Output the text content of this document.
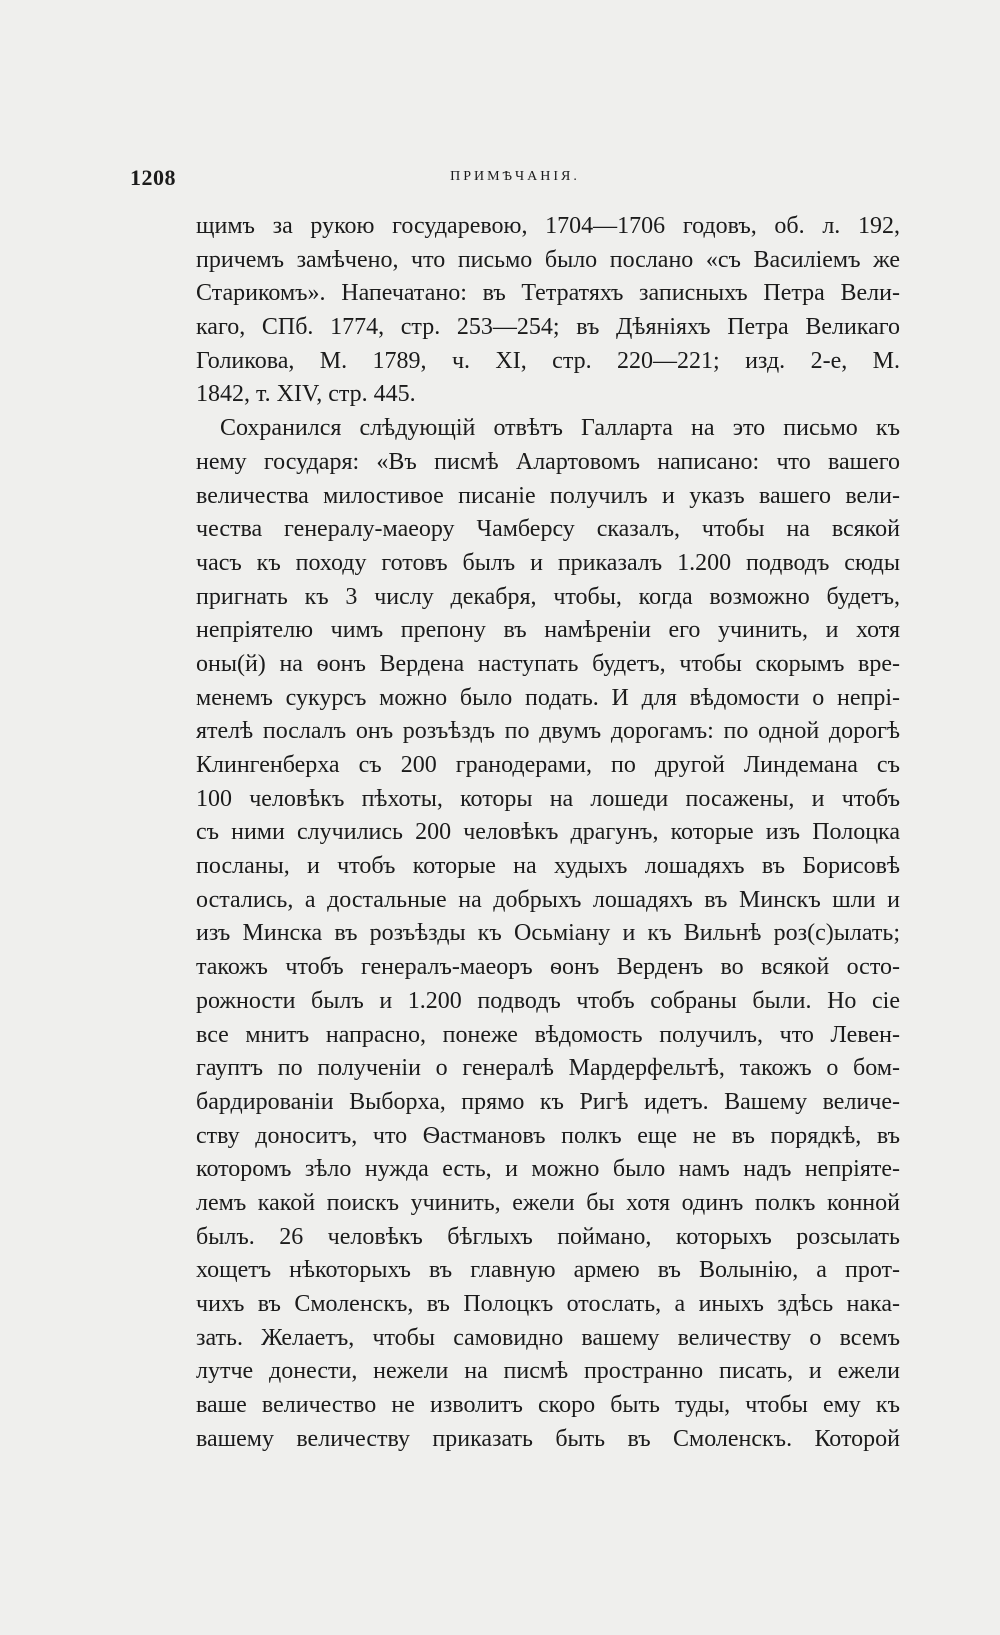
1208	ПРИМѢЧАНІЯ.
щимъ за рукою государевою, 1704—1706 годовъ, об. л. 192,
причемъ замѣчено, что письмо было послано «съ Василіемъ же
Старикомъ». Напечатано: въ Тетратяхъ записныхъ Петра Вели-
каго, СПб. 1774, стр. 253—254; въ Дѣяніяхъ Петра Великаго
Голикова, М. 1789, ч. XI, стр. 220—221; изд. 2-е, М.
1842, т. XIV, стр. 445.
Сохранился слѣдующій отвѣтъ Галларта на это письмо къ
нему государя: «Въ писмѣ Алартовомъ написано: что вашего
величества милостивое писаніе получилъ и указъ вашего вели-
чества генералу-маеору Чамберсу сказалъ, чтобы на всякой
часъ къ походу готовъ былъ и приказалъ 1.200 подводъ сюды
пригнать къ 3 числу декабря, чтобы, когда возможно будетъ,
непріятелю чимъ препону въ намѣреніи его учинить, и хотя
оны(й) на ѳонъ Вердена наступать будетъ, чтобы скорымъ вре-
менемъ сукурсъ можно было подать. И для вѣдомости о непрі-
ятелѣ послалъ онъ розъѣздъ по двумъ дорогамъ: по одной дорогѣ
Клингенберха съ 200 гранодерами, по другой Линдемана съ
100 человѣкъ пѣхоты, которы на лошеди посажены, и чтобъ
съ ними случились 200 человѣкъ драгунъ, которые изъ Полоцка
посланы, и чтобъ которые на худыхъ лошадяхъ въ Борисовѣ
остались, а достальные на добрыхъ лошадяхъ въ Минскъ шли и
изъ Минска въ розъѣзды къ Осьміану и къ Вильнѣ роз(с)ылать;
такожъ чтобъ генералъ-маеоръ ѳонъ Верденъ во всякой осто-
рожности былъ и 1.200 подводъ чтобъ собраны были. Но сіе
все мнитъ напрасно, понеже вѣдомость получилъ, что Левен-
гауптъ по полученіи о генералѣ Мардерфельтѣ, такожъ о бом-
бардированіи Выборха, прямо къ Ригѣ идетъ. Вашему величе-
ству доноситъ, что Ѳастмановъ полкъ еще не въ порядкѣ, въ
которомъ зѣло нужда есть, и можно было намъ надъ непріяте-
лемъ какой поискъ учинить, ежели бы хотя одинъ полкъ конной
былъ. 26 человѣкъ бѣглыхъ поймано, которыхъ розсылать
хощетъ нѣкоторыхъ въ главную армею въ Волынію, а прот-
чихъ въ Смоленскъ, въ Полоцкъ отослать, а иныхъ здѣсь нака-
зать. Желаетъ, чтобы самовидно вашему величеству о всемъ
лутче донести, нежели на писмѣ пространно писать, и ежели
ваше величество не изволитъ скоро быть туды, чтобы ему къ
вашему величеству приказать быть въ Смоленскъ. Которой
